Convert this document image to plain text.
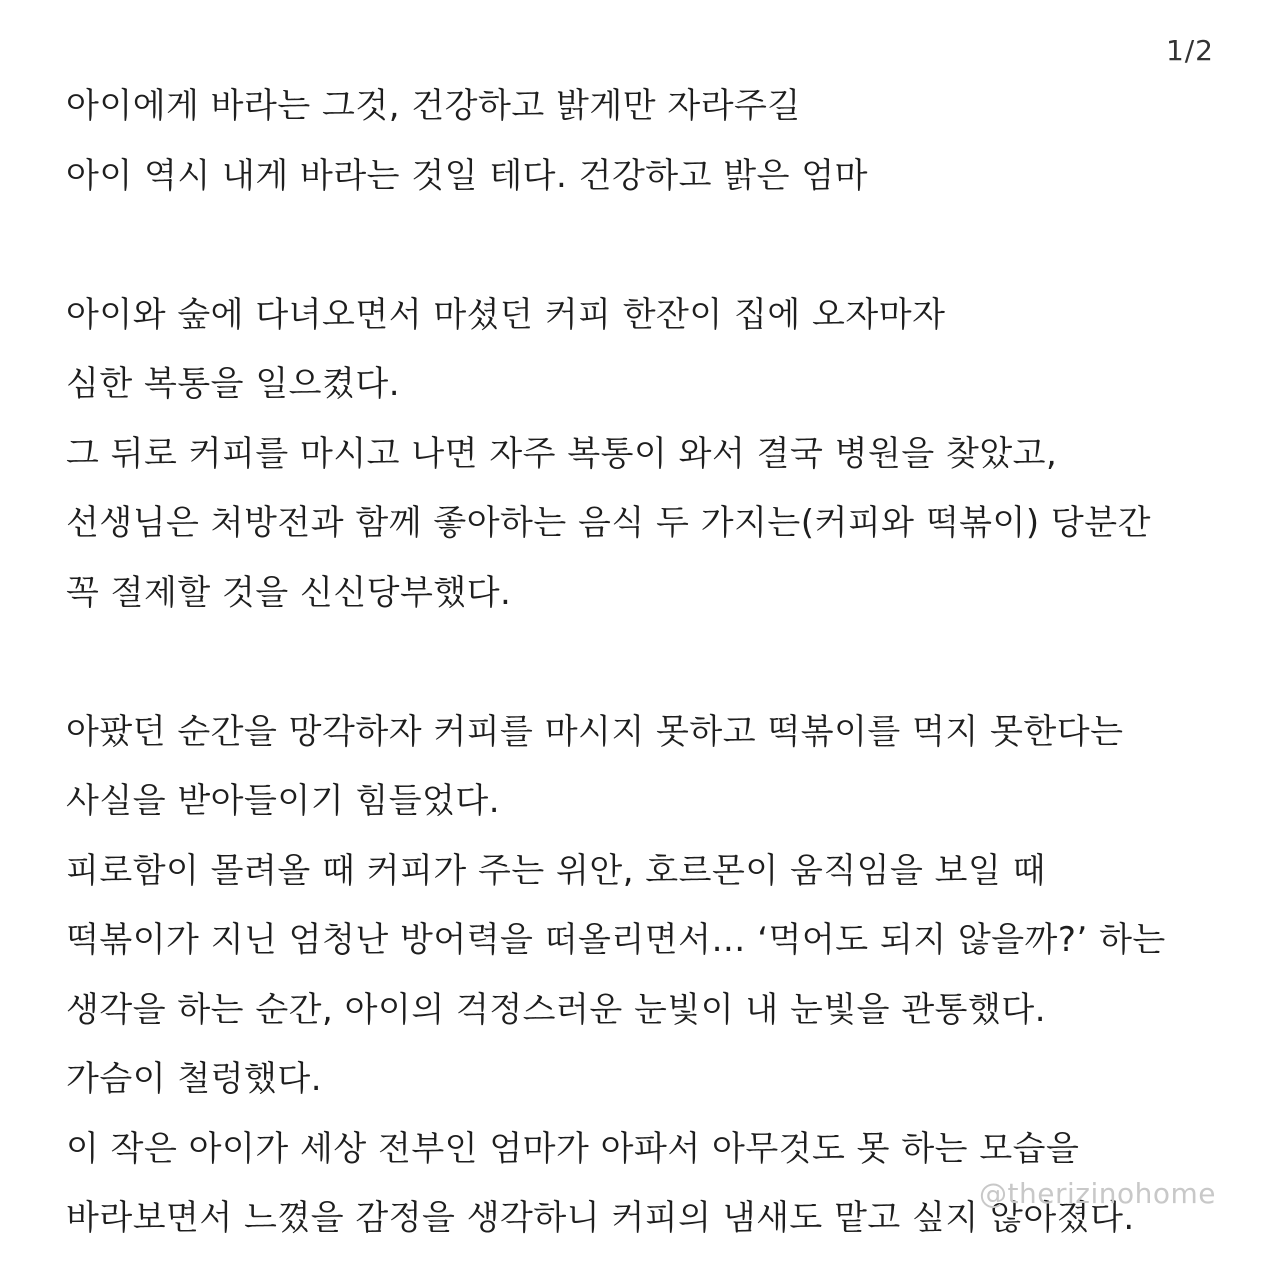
1/2
아이에게 바라는 그것, 건강하고 밝게만 자라주길
아이 역시 내게 바라는 것일 테다. 건강하고 밝은 엄마
아이와 숲에 다녀오면서 마셨던 커피 한잔이 집에 오자마자
심한 복통을 일으켰다.
그 뒤로 커피를 마시고 나면 자주 복통이 와서 결국 병원을 찾았고,
선생님은 처방전과 함께 좋아하는 음식 두 가지는(커피와 떡볶이) 당분간
꼭 절제할 것을 신신당부했다.
아팠던 순간을 망각하자 커피를 마시지 못하고 떡볶이를 먹지 못한다는
사실을 받아들이기 힘들었다.
피로함이 몰려올 때 커피가 주는 위안, 호르몬이 움직임을 보일 때
떡볶이가 지닌 엄청난 방어력을 떠올리면서… ‘먹어도 되지 않을까?’ 하는
생각을 하는 순간, 아이의 걱정스러운 눈빛이 내 눈빛을 관통했다.
가슴이 철렁했다.
이 작은 아이가 세상 전부인 엄마가 아파서 아무것도 못 하는 모습을
바라보면서 느꼈을 감정을 생각하니 커피의 냄새도 맡고 싶지 않아졌다.
@therizinohome
